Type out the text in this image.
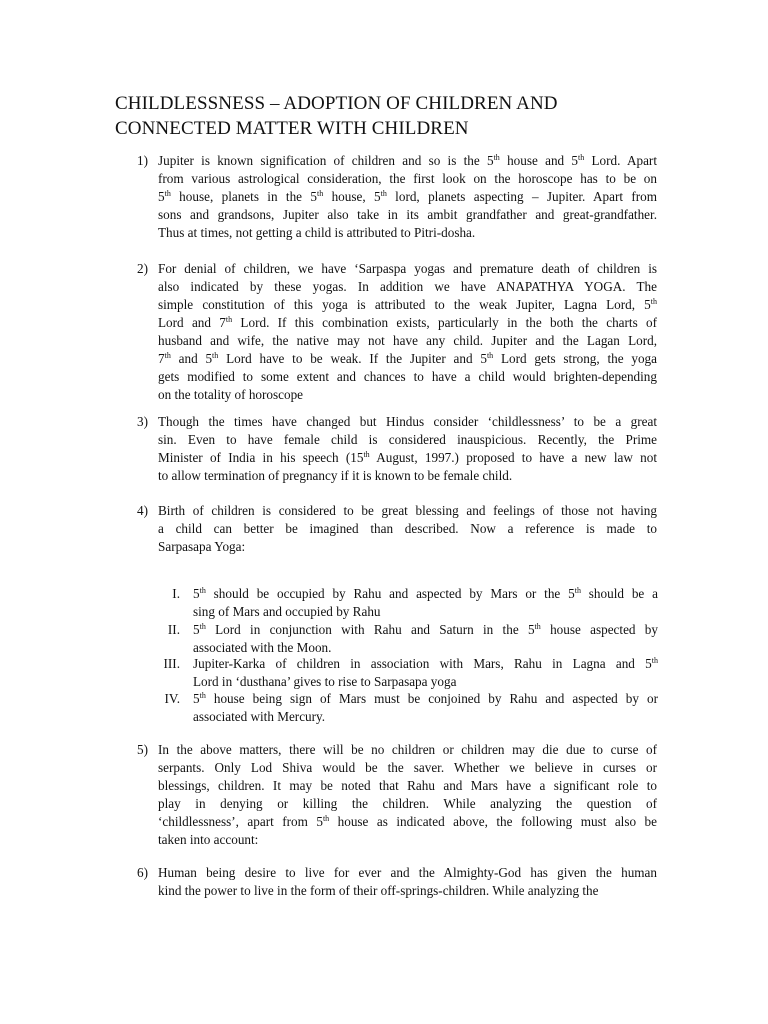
CHILDLESSNESS – ADOPTION OF CHILDREN AND
CONNECTED MATTER WITH CHILDREN
1) Jupiter is known signification of children and so is the 5th house and 5th Lord. Apart
from various astrological consideration, the first look on the horoscope has to be on
5th house, planets in the 5th house, 5th lord, planets aspecting – Jupiter. Apart from
sons and grandsons, Jupiter also take in its ambit grandfather and great-grandfather.
Thus at times, not getting a child is attributed to Pitri-dosha.
2) For denial of children, we have ‘Sarpaspa yogas and premature death of children is
also indicated by these yogas. In addition we have ANAPATHYA YOGA. The
simple constitution of this yoga is attributed to the weak Jupiter, Lagna Lord, 5th
Lord and 7th Lord. If this combination exists, particularly in the both the charts of
husband and wife, the native may not have any child. Jupiter and the Lagan Lord,
7th and 5th Lord have to be weak. If the Jupiter and 5th Lord gets strong, the yoga
gets modified to some extent and chances to have a child would brighten-depending
on the totality of horoscope
3) Though the times have changed but Hindus consider ‘childlessness’ to be a great
sin. Even to have female child is considered inauspicious. Recently, the Prime
Minister of India in his speech (15th August, 1997.) proposed to have a new law not
to allow termination of pregnancy if it is known to be female child.
4) Birth of children is considered to be great blessing and feelings of those not having
a child can better be imagined than described. Now a reference is made to
Sarpasapa Yoga:
I. 5th should be occupied by Rahu and aspected by Mars or the 5th should be a
sing of Mars and occupied by Rahu
II. 5th Lord in conjunction with Rahu and Saturn in the 5th house aspected by
associated with the Moon.
III. Jupiter-Karka of children in association with Mars, Rahu in Lagna and 5th
Lord in ‘dusthana’ gives to rise to Sarpasapa yoga
IV. 5th house being sign of Mars must be conjoined by Rahu and aspected by or
associated with Mercury.
5) In the above matters, there will be no children or children may die due to curse of
serpants. Only Lod Shiva would be the saver. Whether we believe in curses or
blessings, children. It may be noted that Rahu and Mars have a significant role to
play in denying or killing the children. While analyzing the question of
‘childlessness’, apart from 5th house as indicated above, the following must also be
taken into account:
6) Human being desire to live for ever and the Almighty-God has given the human
kind the power to live in the form of their off-springs-children. While analyzing the
